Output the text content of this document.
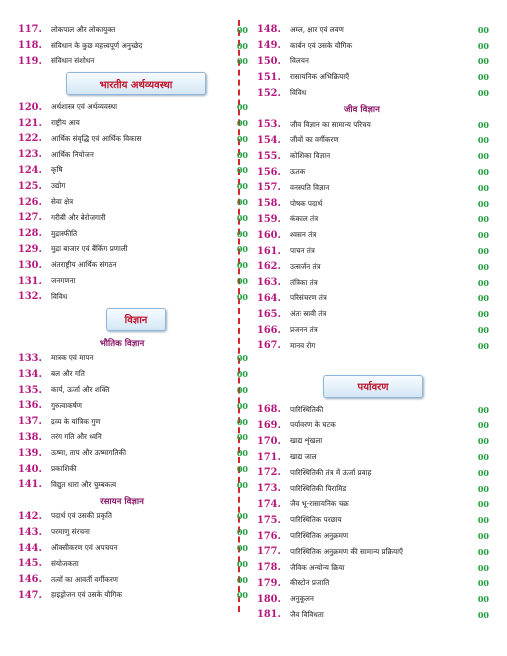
117.	लोकपाल और लोकायुक्त	00
118.	संविधान के कुछ महत्त्वपूर्ण अनुच्छेद	00
119.	संविधान संशोधन	00
भारतीय अर्थव्यवस्था
120.	अर्थशास्त्र एवं अर्थव्यवस्था	00
121.	राष्ट्रीय आय	00
122.	आर्थिक संवृद्धि एवं आर्थिक विकास	00
123.	आर्थिक नियोजन	00
124.	कृषि	00
125.	उद्योग	00
126.	सेवा क्षेत्र	00
127.	गरीबी और बेरोजगारी	00
128.	मुद्रास्फीति	00
129.	मुद्रा बाजार एवं बैंकिंग प्रणाली	00
130.	अंतराष्ट्रीय आर्थिक संगठन	00
131.	जनगणना	00
132.	विविध	00
विज्ञान
भौतिक विज्ञान
133.	मात्रक एवं मापन	00
134.	बल और गति	00
135.	कार्य, ऊर्जा और शक्ति	00
136.	गुरुत्वाकर्षण	00
137.	द्रव्य के यांत्रिक गुण	00
138.	तरंग गति और ध्वनि	00
139.	ऊष्मा, ताप और ऊष्मागतिकी	00
140.	प्रकाशिकी	00
141.	विद्युत धारा और चुम्बकत्व	00
रसायन विज्ञान
142.	पदार्थ एवं उसकी प्रकृति	00
143.	परमाणु संरचना	00
144.	ऑक्सीकरण एवं अपचयन	00
145.	संयोजकता	00
146.	तत्वों का आवर्ती वर्गीकरण	00
147.	हाइड्रोजन एवं उसके यौगिक	00
148.	अम्ल, क्षार एवं लवण	00
149.	कार्बन एवं उसके यौगिक	00
150.	विलयन	00
151.	रासायनिक अभिक्रियाएँ	00
152.	विविध	00
जीव विज्ञान
153.	जीव विज्ञान का सामान्य परिचय	00
154.	जीवों का वर्गीकरण	00
155.	कोशिका विज्ञान	00
156.	ऊतक	00
157.	वनस्पति विज्ञान	00
158.	पोषक पदार्थ	00
159.	कंकाल तंत्र	00
160.	श्वसन तंत्र	00
161.	पाचन तंत्र	00
162.	उत्सर्जन तंत्र	00
163.	तंत्रिका तंत्र	00
164.	परिसंचरण तंत्र	00
165.	अंतः स्रावी तंत्र	00
166.	प्रजनन तंत्र	00
167.	मानव रोग	00
पर्यावरण
168.	पारिस्थितिकी	00
169.	पर्यावरण के घटक	00
170.	खाद्य शृंखला	00
171.	खाद्य जाल	00
172.	पारिस्थितिकी तंत्र में ऊर्जा प्रवाह	00
173.	पारिस्थितिकी पिरामिड	00
174.	जैव भू-रासायनिक चक्र	00
175.	पारिस्थितिक परछाय	00
176.	पारिस्थितिक अनुक्रमण	00
177.	पारिस्थितिक अनुक्रमण की सामान्य प्रक्रियाएँ	00
178.	जैविक अन्योन्य क्रिया	00
179.	कीस्टोन प्रजाति	00
180.	अनुकूलन	00
181.	जैव विविधता	00
